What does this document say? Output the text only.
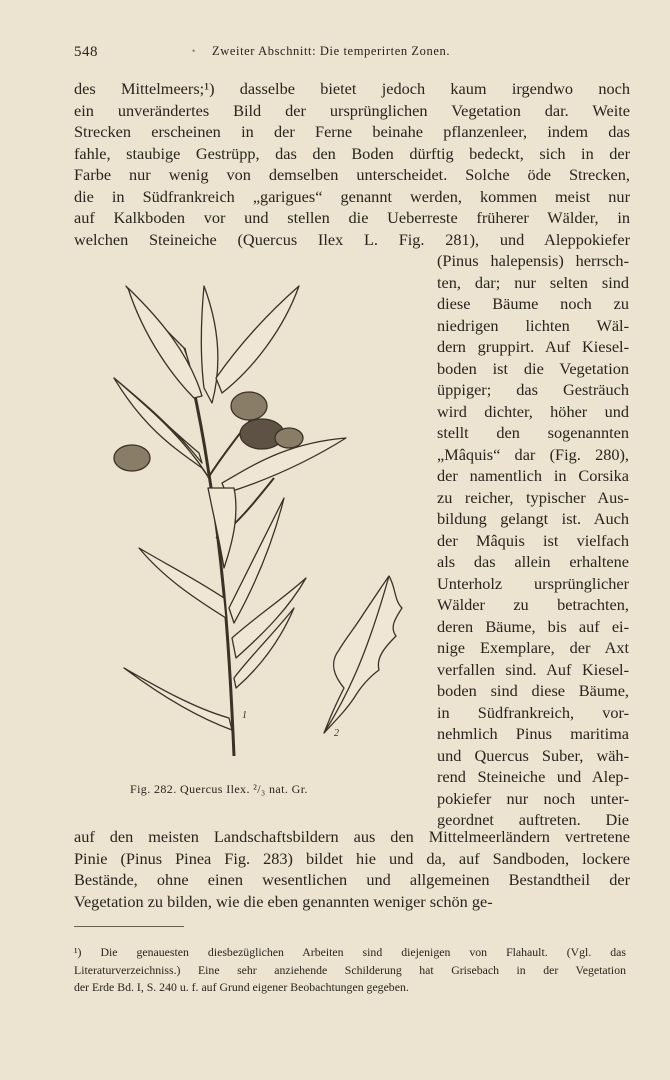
548	• Zweiter Abschnitt: Die temperirten Zonen.
des Mittelmeers;¹) dasselbe bietet jedoch kaum irgendwo noch
ein unverändertes Bild der ursprünglichen Vegetation dar. Weite
Strecken erscheinen in der Ferne beinahe pflanzenleer, indem das
fahle, staubige Gestrüpp, das den Boden dürftig bedeckt, sich in der
Farbe nur wenig von demselben unterscheidet. Solche öde Strecken,
die in Südfrankreich „garigues“ genannt werden, kommen meist nur
auf Kalkboden vor und stellen die Ueberreste früherer Wälder, in
welchen Steineiche (Quercus Ilex L. Fig. 281), und Aleppokiefer
(Pinus halepensis) herrsch-
ten, dar; nur selten sind
diese Bäume noch zu
niedrigen lichten Wäl-
dern gruppirt. Auf Kiesel-
boden ist die Vegetation
üppiger; das Gesträuch
wird dichter, höher und
stellt den sogenannten
„Mâquis“ dar (Fig. 280),
der namentlich in Corsika
zu reicher, typischer Aus-
bildung gelangt ist. Auch
der Mâquis ist vielfach
als das allein erhaltene
Unterholz ursprünglicher
Wälder zu betrachten,
deren Bäume, bis auf ei-
nige Exemplare, der Axt
verfallen sind. Auf Kiesel-
boden sind diese Bäume,
in Südfrankreich, vor-
nehmlich Pinus maritima
und Quercus Suber, wäh-
rend Steineiche und Alep-
pokiefer nur noch unter-
geordnet auftreten. Die
auf den meisten Landschaftsbildern aus den Mittelmeerländern vertretene
Pinie (Pinus Pinea Fig. 283) bildet hie und da, auf Sandboden, lockere
Bestände, ohne einen wesentlichen und allgemeinen Bestandtheil der
Vegetation zu bilden, wie die eben genannten weniger schön ge-
1
2
Fig. 282. Quercus Ilex. ²/₃ nat. Gr.
¹) Die genauesten diesbezüglichen Arbeiten sind diejenigen von Flahault. (Vgl. das
Literaturverzeichniss.) Eine sehr anziehende Schilderung hat Grisebach in der Vegetation
der Erde Bd. I, S. 240 u. f. auf Grund eigener Beobachtungen gegeben.
